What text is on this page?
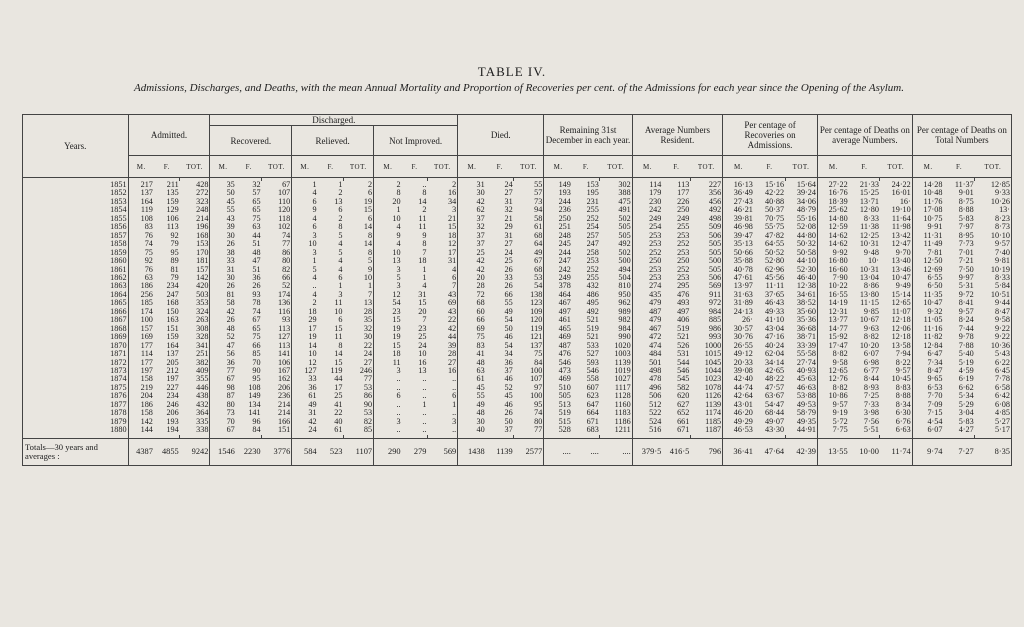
TABLE IV.
Admissions, Discharges, and Deaths, with the mean Annual Mortality and Proportion of Recoveries per cent. of the Admissions for each year since the Opening of the Asylum.
Years.	Admitted.			Discharged.									Died.			Remaining 31st December in each year.			Average Numbers Resident.			Per centage of Recoveries on Admissions.			Per centage of Deaths on average Numbers.			Per centage of Deaths on Total Numbers		
				Recovered.			Relieved.			Not Improved.																				
	M.	F.	TOT.	M.	F.	TOT.	M.	F.	TOT.	M.	F.	TOT.	M.	F.	TOT.	M.	F.	TOT.	M.	F.	TOT.	M.	F.	TOT.	M.	F.	TOT.	M.	F.	TOT.

1851	217	211	428	35	32	67	1	1	2	2	..	2	31	24	55	149	153	302	114	113	227	16·13	15·16	15·64	27·22	21·33	24·22	14·28	11·37	12·85
1852	137	135	272	50	57	107	4	2	6	8	8	16	30	27	57	193	195	388	179	177	356	36·49	42·22	39·24	16·76	15·25	16·01	10·48	9·01	9·33
1853	164	159	323	45	65	110	6	13	19	20	14	34	42	31	73	244	231	475	230	226	456	27·43	40·88	34·06	18·39	13·71	16·	11·76	8·75	10·26
1854	119	129	248	55	65	120	9	6	15	1	2	3	62	32	94	236	255	491	242	250	492	46·21	50·37	48·79	25·62	12·80	19·10	17·08	8·88	13·
1855	108	106	214	43	75	118	4	2	6	10	11	21	37	21	58	250	252	502	249	249	498	39·81	70·75	55·16	14·80	8·33	11·64	10·75	5·83	8·23
1856	83	113	196	39	63	102	6	8	14	4	11	15	32	29	61	251	254	505	254	255	509	46·98	55·75	52·08	12·59	11·38	11·98	9·91	7·97	8·73
1857	76	92	168	30	44	74	3	5	8	9	9	18	37	31	68	248	257	505	253	253	506	39·47	47·82	44·80	14·62	12·25	13·42	11·31	8·95	10·10
1858	74	79	153	26	51	77	10	4	14	4	8	12	37	27	64	245	247	492	253	252	505	35·13	64·55	50·32	14·62	10·31	12·47	11·49	7·73	9·57
1859	75	95	170	38	48	86	3	5	8	10	7	17	25	24	49	244	258	502	252	253	505	50·66	50·52	50·58	9·92	9·48	9·70	7·81	7·01	7·40
1860	92	89	181	33	47	80	1	4	5	13	18	31	42	25	67	247	253	500	250	250	500	35·88	52·80	44·10	16·80	10·	13·40	12·50	7·21	9·81
1861	76	81	157	31	51	82	5	4	9	3	1	4	42	26	68	242	252	494	253	252	505	40·78	62·96	52·30	16·60	10·31	13·46	12·69	7·50	10·19
1862	63	79	142	30	36	66	4	6	10	5	1	6	20	33	53	249	255	504	253	253	506	47·61	45·56	46·40	7·90	13·04	10·47	6·55	9·97	8·33
1863	186	234	420	26	26	52	..	1	1	3	4	7	28	26	54	378	432	810	274	295	569	13·97	11·11	12·38	10·22	8·86	9·49	6·50	5·31	5·84
1864	256	247	503	81	93	174	4	3	7	12	31	43	72	66	138	464	486	950	435	476	911	31·63	37·65	34·61	16·55	13·80	15·14	11·35	9·72	10·51
1865	185	168	353	58	78	136	2	11	13	54	15	69	68	55	123	467	495	962	479	493	972	31·89	46·43	38·52	14·19	11·15	12·65	10·47	8·41	9·44
1866	174	150	324	42	74	116	18	10	28	23	20	43	60	49	109	497	492	989	487	497	984	24·13	49·33	35·60	12·31	9·85	11·07	9·32	9·57	8·47
1867	100	163	263	26	67	93	29	6	35	15	7	22	66	54	120	461	521	982	479	406	885	26·	41·10	35·36	13·77	10·67	12·18	11·05	8·24	9·58
1868	157	151	308	48	65	113	17	15	32	19	23	42	69	50	119	465	519	984	467	519	986	30·57	43·04	36·68	14·77	9·63	12·06	11·16	7·44	9·22
1869	169	159	328	52	75	127	19	11	30	19	25	44	75	46	121	469	521	990	472	521	993	30·76	47·16	38·71	15·92	8·82	12·18	11·82	9·78	9·22
1870	177	164	341	47	66	113	14	8	22	15	24	39	83	54	137	487	533	1020	474	526	1000	26·55	40·24	33·39	17·47	10·20	13·58	12·84	7·88	10·36
1871	114	137	251	56	85	141	10	14	24	18	10	28	41	34	75	476	527	1003	484	531	1015	49·12	62·04	55·58	8·82	6·07	7·94	6·47	5·40	5·43
1872	177	205	382	36	70	106	12	15	27	11	16	27	48	36	84	546	593	1139	501	544	1045	20·33	34·14	27·74	9·58	6·98	8·22	7·34	5·19	6·22
1873	197	212	409	77	90	167	127	119	246	3	13	16	63	37	100	473	546	1019	498	546	1044	39·08	42·65	40·93	12·65	6·77	9·57	8·47	4·59	6·45
1874	158	197	355	67	95	162	33	44	77	..	..	..	61	46	107	469	558	1027	478	545	1023	42·40	48·22	45·63	12·76	8·44	10·45	9·65	6·19	7·78
1875	219	227	446	98	108	206	36	17	53	..	..	..	45	52	97	510	607	1117	496	582	1078	44·74	47·57	46·63	8·82	8·93	8·83	6·53	6·62	6·58
1876	204	234	438	87	149	236	61	25	86	6	..	6	55	45	100	505	623	1128	506	620	1126	42·64	63·67	53·88	10·86	7·25	8·88	7·70	5·34	6·42
1877	186	246	432	80	134	214	49	41	90	..	1	1	49	46	95	513	647	1160	512	627	1139	43·01	54·47	49·53	9·57	7·33	8·34	7·09	5·29	6·08
1878	158	206	364	73	141	214	31	22	53	..	..	..	48	26	74	519	664	1183	522	652	1174	46·20	68·44	58·79	9·19	3·98	6·30	7·15	3·04	4·85
1879	142	193	335	70	96	166	42	40	82	3	..	3	30	50	80	515	671	1186	524	661	1185	49·29	49·07	49·35	5·72	7·56	6·76	4·54	5·83	5·27
1880	144	194	338	67	84	151	24	61	85	..	..	..	40	37	77	528	683	1211	516	671	1187	46·53	43·30	44·91	7·75	5·51	6·63	6·07	4·27	5·17

Totals—30 years and averages :	4387	4855	9242	1546	2230	3776	584	523	1107	290	279	569	1438	1139	2577	....	....	....	379·5	416·5	796	36·41	47·64	42·39	13·55	10·00	11·74	9·74	7·27	8·35
